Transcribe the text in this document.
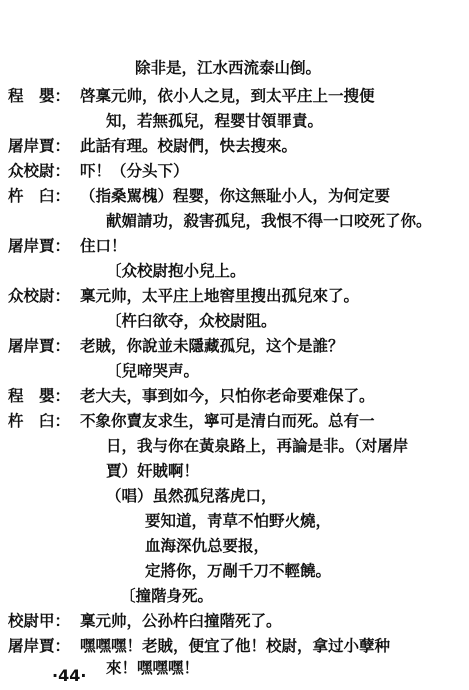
除非是，江水西流泰山倒。
程　嬰： 啓稟元帅，依小人之見，到太平庄上一搜便
知，若無孤兒，程婴甘領罪責。
屠岸賈： 此話有理。校尉們，快去搜來。
众校尉： 吓！（分头下）
杵　臼： （指桑駡槐）程婴，你这無耻小人，为何定要
献媚請功，殺害孤兒，我恨不得一口咬死了你。
屠岸賈： 住口！
〔众校尉抱小兒上。
众校尉： 稟元帅，太平庄上地窖里搜出孤兒來了。
〔杵臼欲夺，众校尉阻。
屠岸賈： 老賊，你說並未隱藏孤兒，这个是誰？
〔兒啼哭声。
程　嬰： 老大夫，事到如今，只怕你老命要难保了。
杵　臼： 不象你賣友求生，寧可是清白而死。总有一
日，我与你在黃泉路上，再論是非。（对屠岸
賈）奸賊啊！
（唱）虽然孤兒落虎口，
要知道，靑草不怕野火燒，
血海深仇总要报，
定將你，万剮千刀不輕饒。
〔撞階身死。
校尉甲： 稟元帅，公孙杵臼撞階死了。
屠岸賈： 嘿嘿嘿！老賊，便宜了他！校尉，拿过小孽种
來！嘿嘿嘿！
·44·
